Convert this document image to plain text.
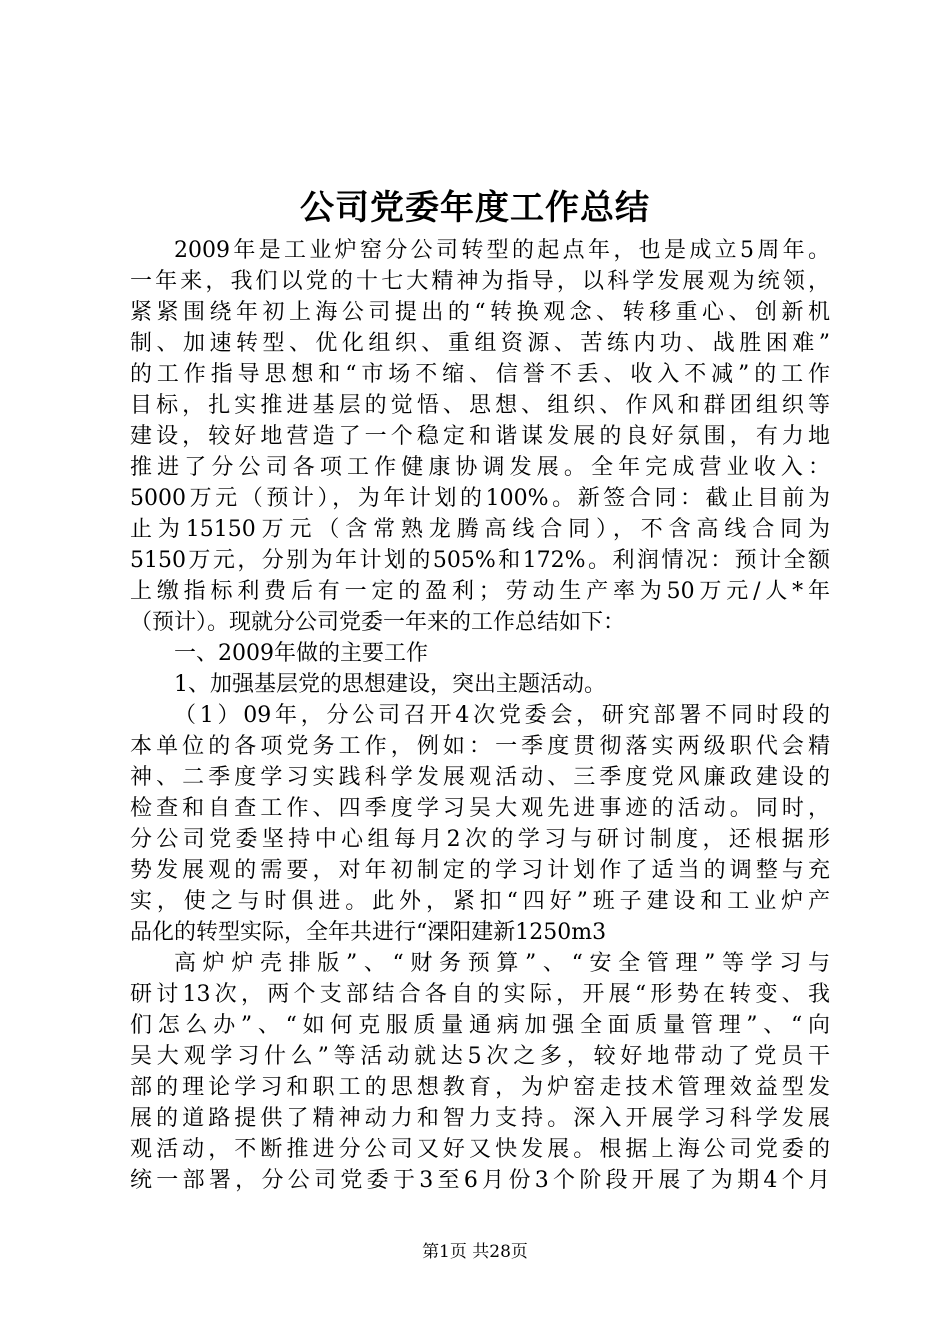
公司党委年度工作总结

2009年是工业炉窑分公司转型的起点年，也是成立5周年。

一年来，我们以党的十七大精神为指导，以科学发展观为统领，

紧紧围绕年初上海公司提出的“转换观念、转移重心、创新机

制、加速转型、优化组织、重组资源、苦练内功、战胜困难”

的工作指导思想和“市场不缩、信誉不丢、收入不减”的工作

目标，扎实推进基层的觉悟、思想、组织、作风和群团组织等

建设，较好地营造了一个稳定和谐谋发展的良好氛围，有力地

推进了分公司各项工作健康协调发展。全年完成营业收入：

5000万元（预计），为年计划的100%。新签合同：截止目前为

止为15150万元（含常熟龙腾高线合同），不含高线合同为

5150万元，分别为年计划的505%和172%。利润情况：预计全额

上缴指标利费后有一定的盈利；劳动生产率为50万元/人*年

（预计）。现就分公司党委一年来的工作总结如下：

一、2009年做的主要工作

1、加强基层党的思想建设，突出主题活动。

（1）09年，分公司召开4次党委会，研究部署不同时段的

本单位的各项党务工作，例如：一季度贯彻落实两级职代会精

神、二季度学习实践科学发展观活动、三季度党风廉政建设的

检查和自查工作、四季度学习吴大观先进事迹的活动。同时，

分公司党委坚持中心组每月2次的学习与研讨制度，还根据形

势发展观的需要，对年初制定的学习计划作了适当的调整与充

实，使之与时俱进。此外，紧扣“四好”班子建设和工业炉产

品化的转型实际，全年共进行“溧阳建新1250m3

高炉炉壳排版”、“财务预算”、“安全管理”等学习与

研讨13次，两个支部结合各自的实际，开展“形势在转变、我

们怎么办”、“如何克服质量通病加强全面质量管理”、“向

吴大观学习什么”等活动就达5次之多，较好地带动了党员干

部的理论学习和职工的思想教育，为炉窑走技术管理效益型发

展的道路提供了精神动力和智力支持。深入开展学习科学发展

观活动，不断推进分公司又好又快发展。根据上海公司党委的

统一部署，分公司党委于3至6月份3个阶段开展了为期4个月

第1页 共28页
